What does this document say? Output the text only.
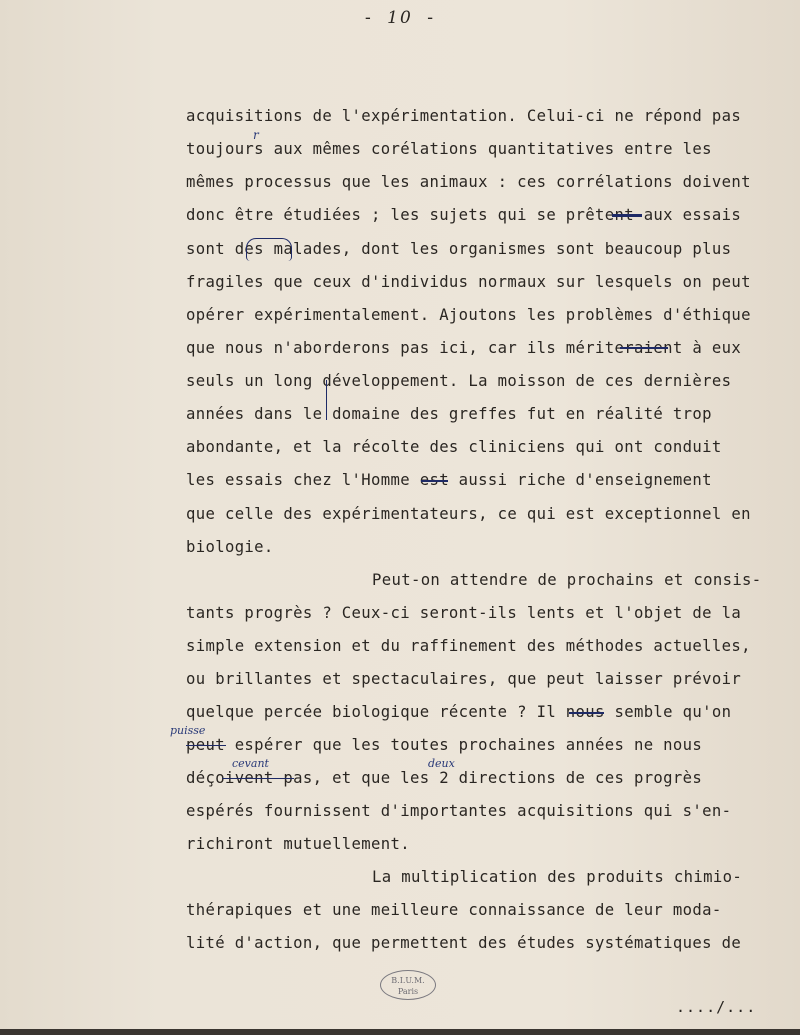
- 10 -
acquisitions de l'expérimentation. Celui-ci ne répond pas
toujours aux mêmes corélations quantitatives entre les
mêmes processus que les animaux : ces corrélations doivent
donc être étudiées ; les sujets qui se prêtent aux essais
sont des malades, dont les organismes sont beaucoup plus
fragiles que ceux d'individus normaux sur lesquels on peut
opérer expérimentalement. Ajoutons les problèmes d'éthique
que nous n'aborderons pas ici, car ils mériteraient à eux
seuls un long développement. La moisson de ces dernières
années dans le domaine des greffes fut en réalité trop
abondante, et la récolte des cliniciens qui ont conduit
les essais chez l'Homme est aussi riche d'enseignement
que celle des expérimentateurs, ce qui est exceptionnel en
biologie.
Peut-on attendre de prochains et consis-
tants progrès ? Ceux-ci seront-ils lents et l'objet de la
simple extension et du raffinement des méthodes actuelles,
ou brillantes et spectaculaires, que peut laisser prévoir
quelque percée biologique récente ? Il nous semble qu'on
peut espérer que les toutes prochaines années ne nous
déçoivent pas, et que les 2 directions de ces progrès
espérés fournissent d'importantes acquisitions qui s'en-
richiront mutuellement.
La multiplication des produits chimio-
thérapiques et une meilleure connaissance de leur moda-
lité d'action, que permettent des études systématiques de
r
puisse
cevant	deux
B.I.U.M.
Paris
..../...
